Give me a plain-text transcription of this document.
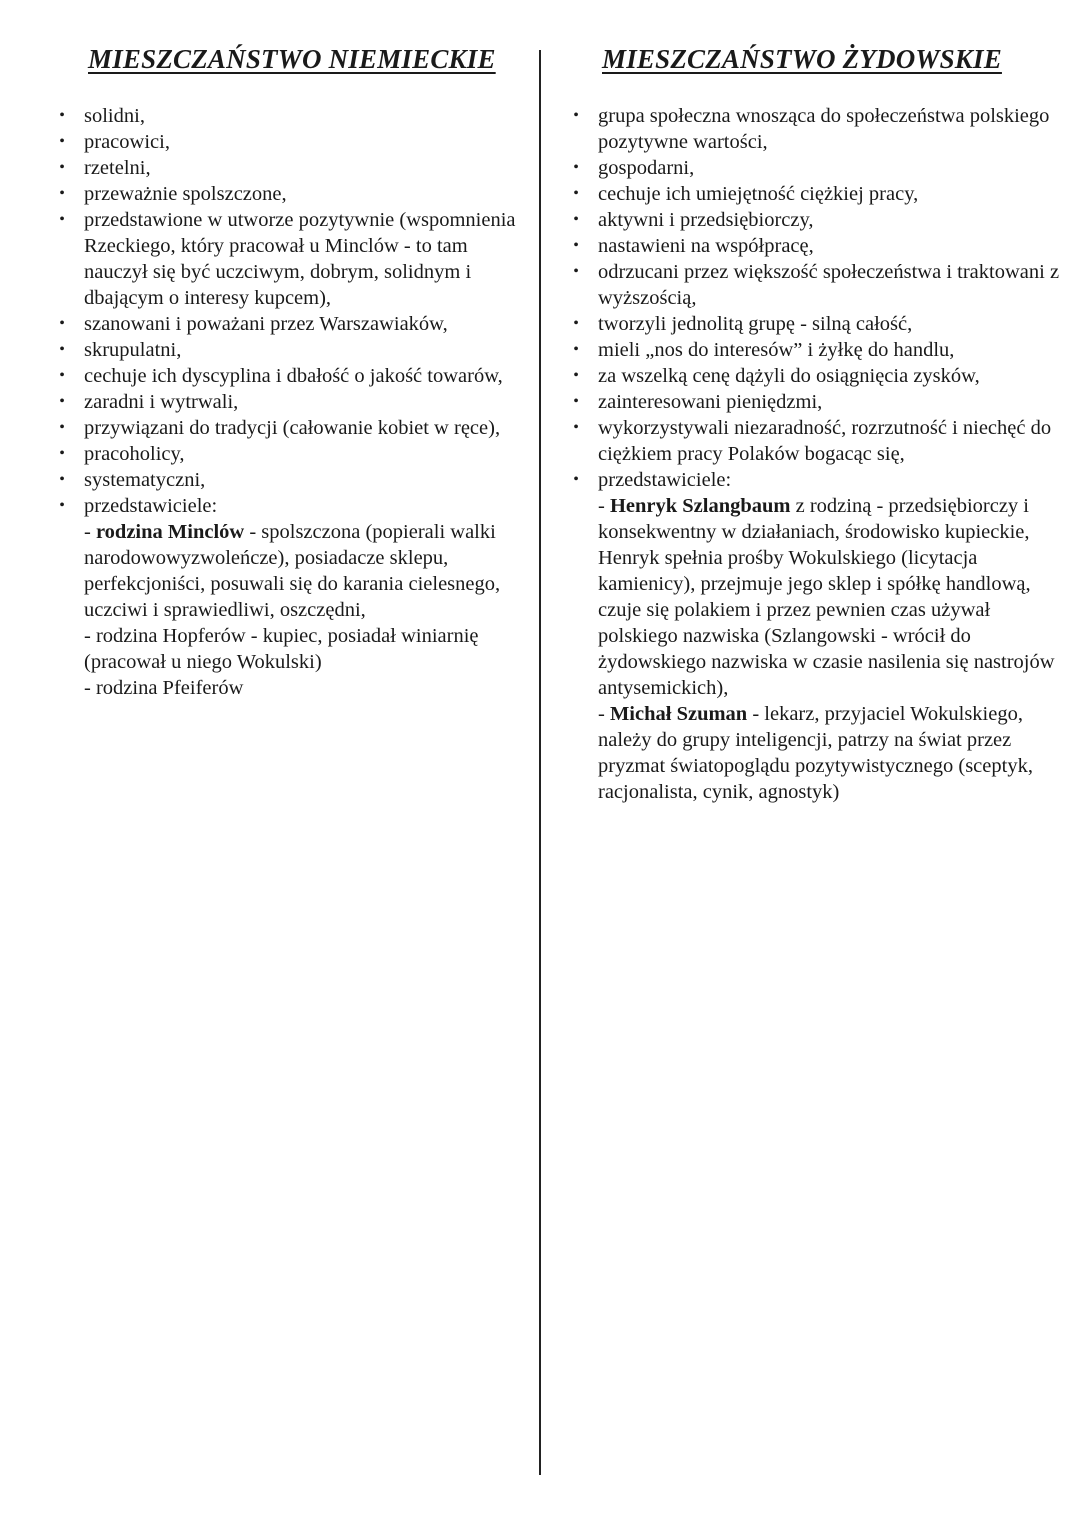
MIESZCZAŃSTWO NIEMIECKIE
• solidni,
• pracowici,
• rzetelni,
• przeważnie spolszczone,
• przedstawione w utworze pozytywnie (wspomnienia Rzeckiego, który pracował u Minclów - to tam nauczył się być uczciwym, dobrym, solidnym i dbającym o interesy kupcem),
• szanowani i poważani przez Warszawiaków,
• skrupulatni,
• cechuje ich dyscyplina i dbałość o jakość towarów,
• zaradni i wytrwali,
• przywiązani do tradycji (całowanie kobiet w ręce),
• pracoholicy,
• systematyczni,
• przedstawiciele:
- rodzina Minclów - spolszczona (popierali walki narodowowyzwoleńcze), posiadacze sklepu, perfekcjoniści, posuwali się do karania cielesnego, uczciwi i sprawiedliwi, oszczędni,
- rodzina Hopferów - kupiec, posiadał winiarnię (pracował u niego Wokulski)
- rodzina Pfeiferów
MIESZCZAŃSTWO ŻYDOWSKIE
• grupa społeczna wnosząca do społeczeństwa polskiego pozytywne wartości,
• gospodarni,
• cechuje ich umiejętność ciężkiej pracy,
• aktywni i przedsiębiorczy,
• nastawieni na współpracę,
• odrzucani przez większość społeczeństwa i traktowani z wyższością,
• tworzyli jednolitą grupę - silną całość,
• mieli „nos do interesów” i żyłkę do handlu,
• za wszelką cenę dążyli do osiągnięcia zysków,
• zainteresowani pieniędzmi,
• wykorzystywali niezaradność, rozrzutność i niechęć do ciężkiem pracy Polaków bogacąc się,
• przedstawiciele:
- Henryk Szlangbaum z rodziną - przedsiębiorczy i konsekwentny w działaniach, środowisko kupieckie, Henryk spełnia prośby Wokulskiego (licytacja kamienicy), przejmuje jego sklep i spółkę handlową, czuje się polakiem i przez pewnien czas używał polskiego nazwiska (Szlangowski - wrócił do żydowskiego nazwiska w czasie nasilenia się nastrojów antysemickich),
- Michał Szuman - lekarz, przyjaciel Wokulskiego, należy do grupy inteligencji, patrzy na świat przez pryzmat światopoglądu pozytywistycznego (sceptyk, racjonalista, cynik, agnostyk)
